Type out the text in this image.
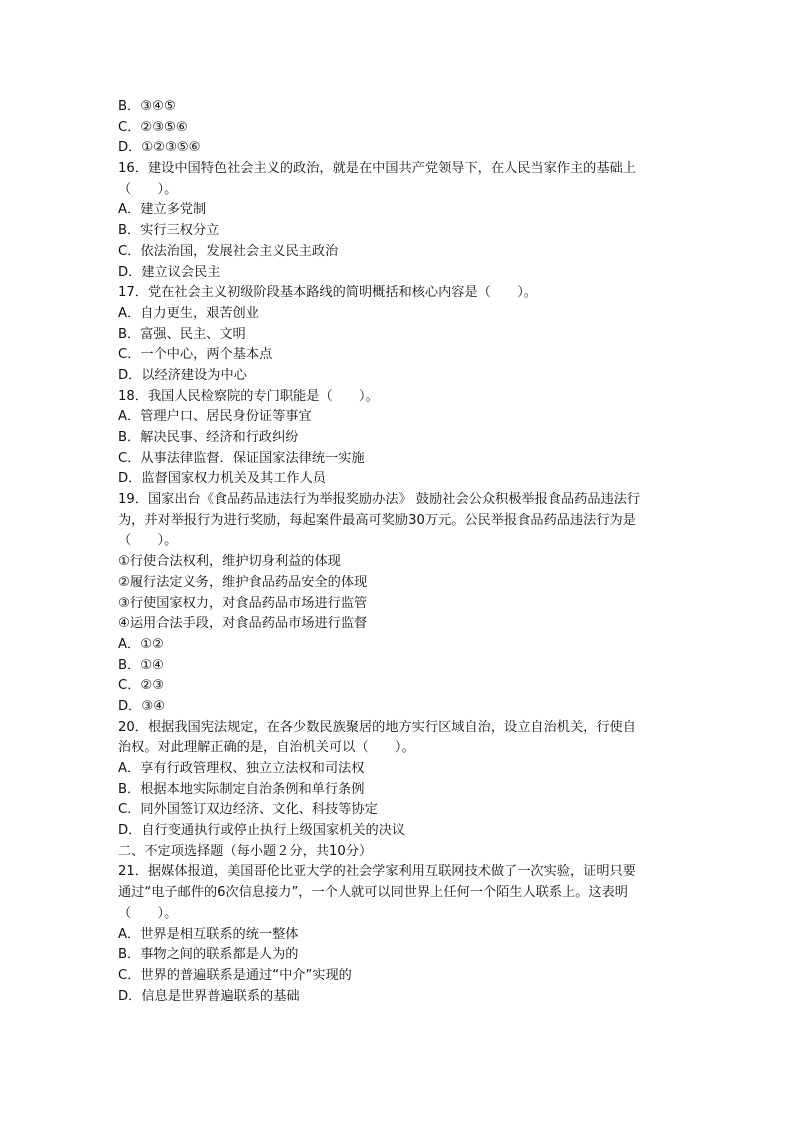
B．③④⑤
C．②③⑤⑥
D．①②③⑤⑥
16．建设中国特色社会主义的政治，就是在中国共产党领导下，在人民当家作主的基础上
（　　）。
A．建立多党制
B．实行三权分立
C．依法治国，发展社会主义民主政治
D．建立议会民主
17．党在社会主义初级阶段基本路线的简明概括和核心内容是（　　）。
A．自力更生，艰苦创业
B．富强、民主、文明
C．一个中心，两个基本点
D．以经济建设为中心
18．我国人民检察院的专门职能是（　　）。
A．管理户口、居民身份证等事宜
B．解决民事、经济和行政纠纷
C．从事法律监督．保证国家法律统一实施
D．监督国家权力机关及其工作人员
19．国家出台《食品药品违法行为举报奖励办法》 鼓励社会公众积极举报食品药品违法行
为，并对举报行为进行奖励，每起案件最高可奖励30万元。公民举报食品药品违法行为是
（　　）。
①行使合法权利，维护切身利益的体现
②履行法定义务，维护食品药品安全的体现
③行使国家权力，对食品药品市场进行监管
④运用合法手段，对食品药品市场进行监督
A．①②
B．①④
C．②③
D．③④
20．根据我国宪法规定，在各少数民族聚居的地方实行区域自治，设立自治机关，行使自
治权。对此理解正确的是，自治机关可以（　　）。
A．享有行政管理权、独立立法权和司法权
B．根据本地实际制定自治条例和单行条例
C．同外国签订双边经济、文化、科技等协定
D．自行变通执行或停止执行上级国家机关的决议
二、不定项选择题（每小题２分，共10分）
21．据媒体报道，美国哥伦比亚大学的社会学家利用互联网技术做了一次实验，证明只要
通过“电子邮件的6次信息接力”，一个人就可以同世界上任何一个陌生人联系上。这表明
（　　）。
A．世界是相互联系的统一整体
B．事物之间的联系都是人为的
C．世界的普遍联系是通过“中介”实现的
D．信息是世界普遍联系的基础
